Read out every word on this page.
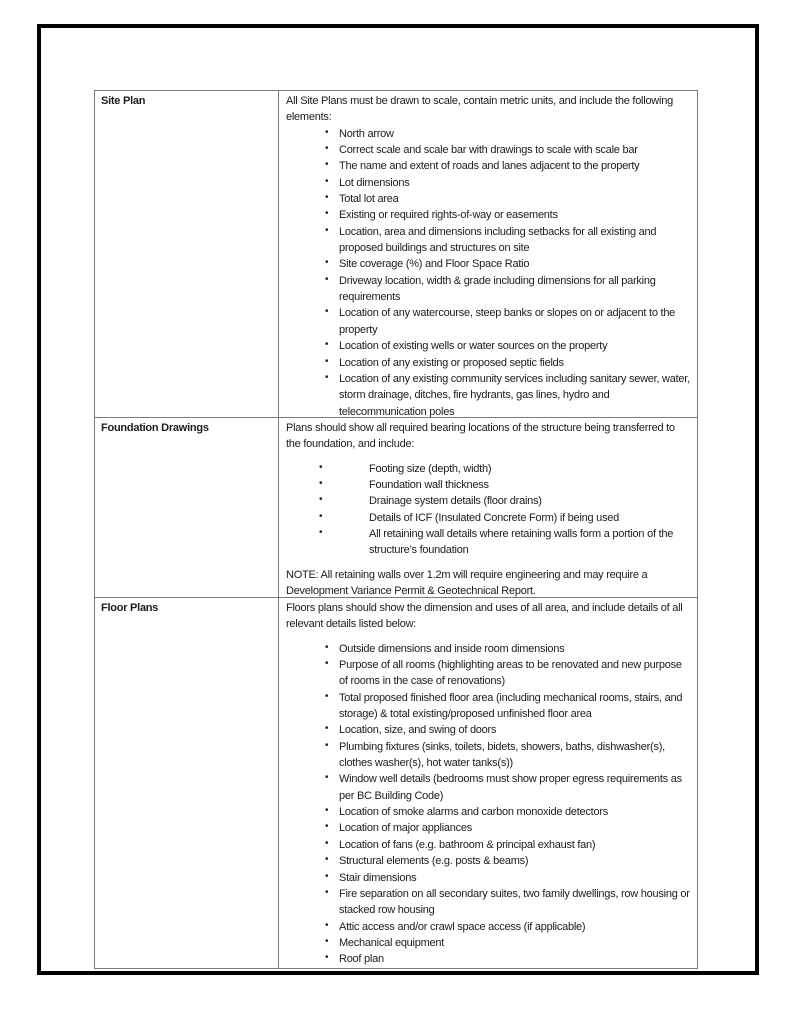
Site Plan	All Site Plans must be drawn to scale, contain metric units, and include the following elements:

• North arrow
• Correct scale and scale bar with drawings to scale with scale bar
• The name and extent of roads and lanes adjacent to the property
• Lot dimensions
• Total lot area
• Existing or required rights-of-way or easements
• Location, area and dimensions including setbacks for all existing and proposed buildings and structures on site
• Site coverage (%) and Floor Space Ratio
• Driveway location, width & grade including dimensions for all parking requirements
• Location of any watercourse, steep banks or slopes on or adjacent to the property
• Location of existing wells or water sources on the property
• Location of any existing or proposed septic fields
• Location of any existing community services including sanitary sewer, water, storm drainage, ditches, fire hydrants, gas lines, hydro and telecommunication poles
Foundation Drawings	Plans should show all required bearing locations of the structure being transferred to the foundation, and include:

•	Footing size (depth, width)
•	Foundation wall thickness
•	Drainage system details (floor drains)
•	Details of ICF (Insulated Concrete Form) if being used
•	All retaining wall details where retaining walls form a portion of the structure’s foundation

NOTE: All retaining walls over 1.2m will require engineering and may require a Development Variance Permit & Geotechnical Report.

Floor Plans	Floors plans should show the dimension and uses of all area, and include details of all relevant details listed below:

• Outside dimensions and inside room dimensions
• Purpose of all rooms (highlighting areas to be renovated and new purpose of rooms in the case of renovations)
• Total proposed finished floor area (including mechanical rooms, stairs, and storage) & total existing/proposed unfinished floor area
• Location, size, and swing of doors
• Plumbing fixtures (sinks, toilets, bidets, showers, baths, dishwasher(s), clothes washer(s), hot water tanks(s))
• Window well details (bedrooms must show proper egress requirements as per BC Building Code)
• Location of smoke alarms and carbon monoxide detectors
• Location of major appliances
• Location of fans (e.g. bathroom & principal exhaust fan)
• Structural elements (e.g. posts & beams)
• Stair dimensions
• Fire separation on all secondary suites, two family dwellings, row housing or stacked row housing
• Attic access and/or crawl space access (if applicable)
• Mechanical equipment
• Roof plan
